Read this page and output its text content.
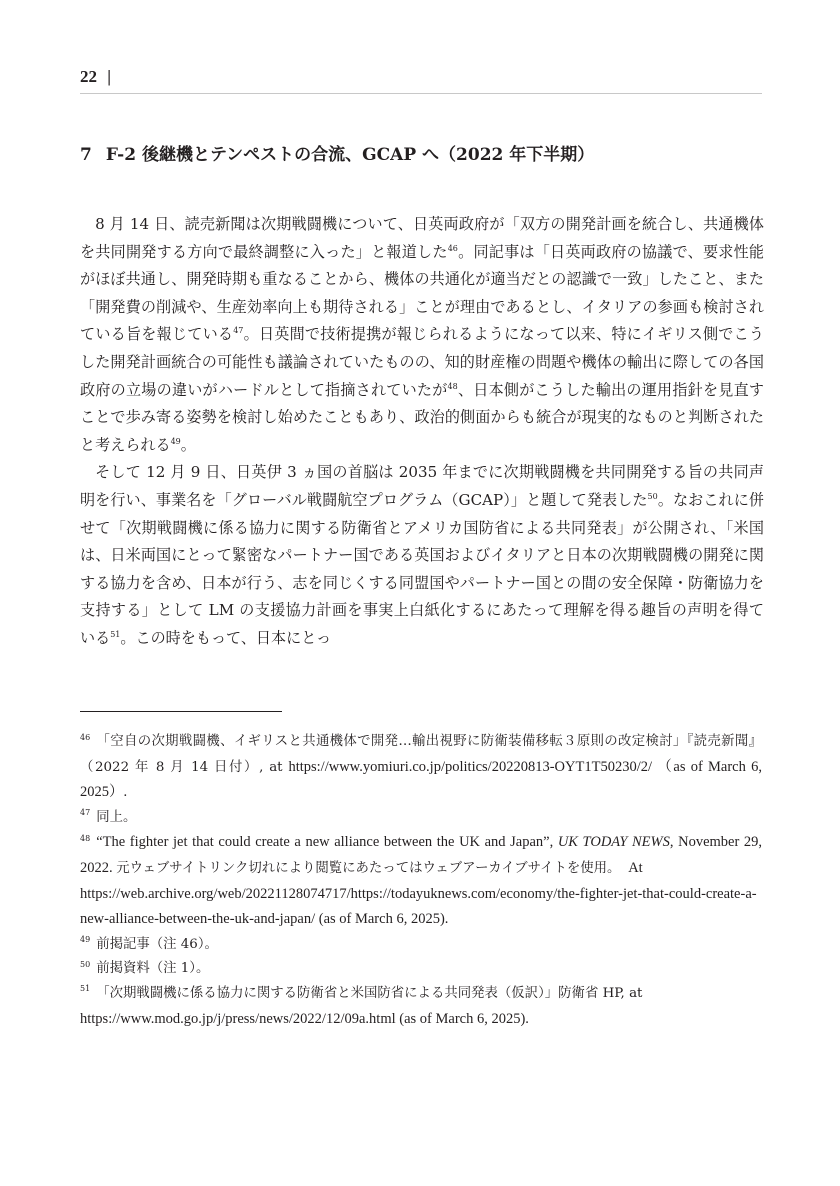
22 |
7 F-2 後継機とテンペストの合流、GCAP へ（2022 年下半期）

8 月 14 日、読売新聞は次期戦闘機について、日英両政府が「双方の開発計画を統合し、共通機体を共同開発する方向で最終調整に入った」と報道した$^{46}$。同記事は「日英両政府の協議で、要求性能がほぼ共通し、開発時期も重なることから、機体の共通化が適当だとの認識で一致」したこと、また「開発費の削減や、生産効率向上も期待される」ことが理由であるとし、イタリアの参画も検討されている旨を報じている$^{47}$。日英間で技術提携が報じられるようになって以来、特にイギリス側でこうした開発計画統合の可能性も議論されていたものの、知的財産権の問題や機体の輸出に際しての各国政府の立場の違いがハードルとして指摘されていたが$^{48}$、日本側がこうした輸出の運用指針を見直すことで歩み寄る姿勢を検討し始めたこともあり、政治的側面からも統合が現実的なものと判断されたと考えられる$^{49}$。

そして 12 月 9 日、日英伊 3 ヵ国の首脳は 2035 年までに次期戦闘機を共同開発する旨の共同声明を行い、事業名を「グローバル戦闘航空プログラム（GCAP）」と題して発表した$^{50}$。なおこれに併せて「次期戦闘機に係る協力に関する防衛省とアメリカ国防省による共同発表」が公開され、「米国は、日米両国にとって緊密なパートナー国である英国およびイタリアと日本の次期戦闘機の開発に関する協力を含め、日本が行う、志を同じくする同盟国やパートナー国との間の安全保障・防衛協力を支持する」として LM の支援協力計画を事実上白紙化するにあたって理解を得る趣旨の声明を得ている$^{51}$。この時をもって、日本にとっ

$^{46}$ 「空自の次期戦闘機、イギリスと共通機体で開発…輸出視野に防衛装備移転３原則の改定検討」『読売新聞』（2022 年 8 月 14 日付）, at https://www.yomiuri.co.jp/politics/20220813-OYT1T50230/2/ （as of March 6, 2025）.

$^{47}$ 同上。

$^{48}$ “The fighter jet that could create a new alliance between the UK and Japan”, UK TODAY NEWS, November 29, 2022. 元ウェブサイトリンク切れにより閲覧にあたってはウェブアーカイブサイトを使用。　At
https://web.archive.org/web/20221128074717/https://todayuknews.com/economy/the-fighter-jet-that-could-create-a-new-alliance-between-the-uk-and-japan/ (as of March 6, 2025).

$^{49}$ 前掲記事（注 46）。

$^{50}$ 前掲資料（注 1）。

$^{51}$ 「次期戦闘機に係る協力に関する防衛省と米国防省による共同発表（仮訳）」防衛省 HP, at
https://www.mod.go.jp/j/press/news/2022/12/09a.html (as of March 6, 2025).
